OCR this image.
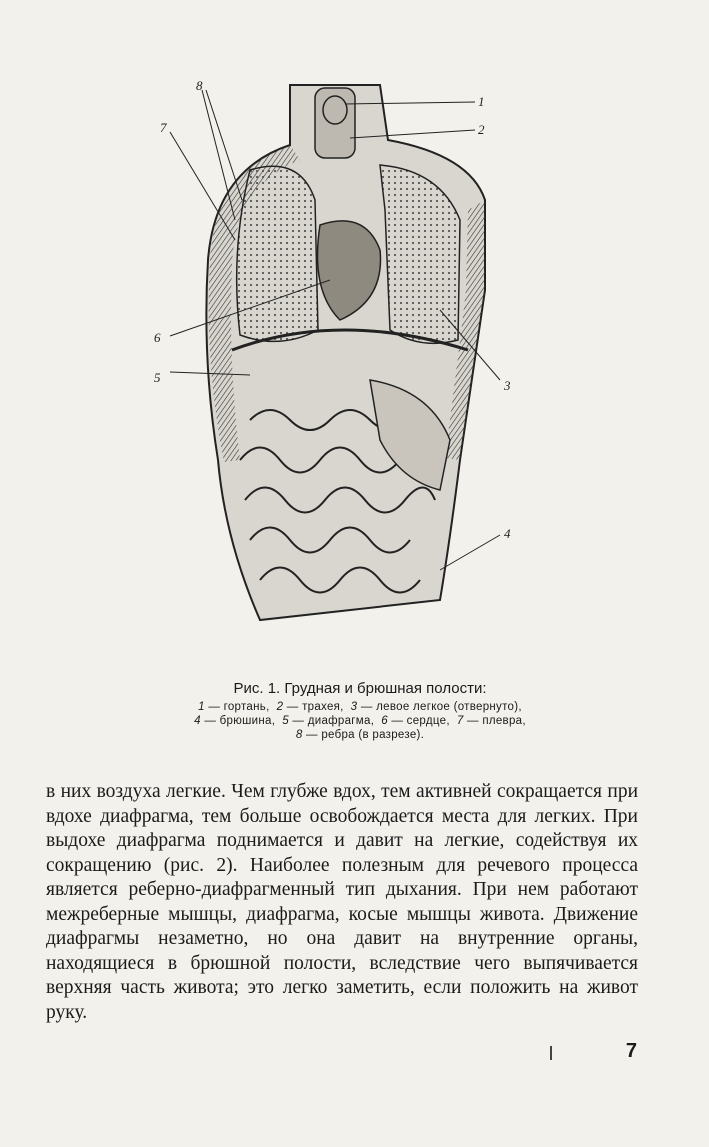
1
2
3
4
5
6
7
8
Рис. 1. Грудная и брюшная полости:
1 — гортань, 2 — трахея, 3 — левое легкое (отвернуто),
4 — брюшина, 5 — диафрагма, 6 — сердце, 7 — плевра,
8 — ребра (в разрезе).

в них воздуха легкие. Чем глубже вдох, тем активней сокращается при вдохе диафрагма, тем больше освобождается места для легких. При выдохе диафрагма поднимается и давит на легкие, содействуя их сокращению (рис. 2). Наиболее полезным для речевого процесса является реберно-диафрагменный тип дыхания. При нем работают межреберные мышцы, диафрагма, косые мышцы живота. Движение диафрагмы незаметно, но она давит на внутренние органы, находящиеся в брюшной полости, вследствие чего выпячивается верхняя часть живота; это легко заметить, если положить на живот руку.

7
